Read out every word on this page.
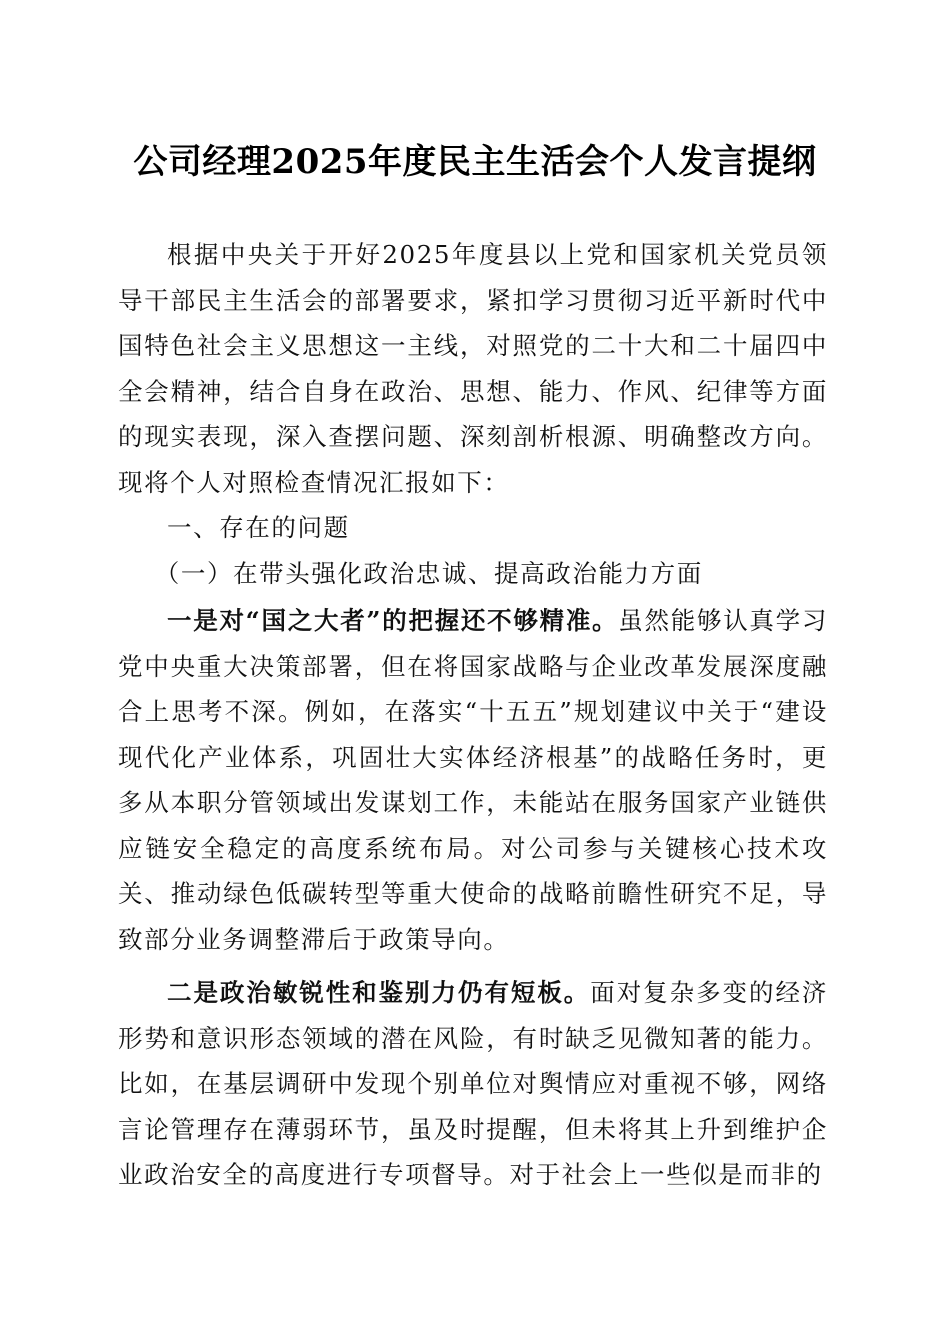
公司经理2025年度民主生活会个人发言提纲

根据中央关于开好2025年度县以上党和国家机关党员领导干部民主生活会的部署要求，紧扣学习贯彻习近平新时代中国特色社会主义思想这一主线，对照党的二十大和二十届四中全会精神，结合自身在政治、思想、能力、作风、纪律等方面的现实表现，深入查摆问题、深刻剖析根源、明确整改方向。现将个人对照检查情况汇报如下：

一、存在的问题

（一）在带头强化政治忠诚、提高政治能力方面

一是对“国之大者”的把握还不够精准。虽然能够认真学习党中央重大决策部署，但在将国家战略与企业改革发展深度融合上思考不深。例如，在落实“十五五”规划建议中关于“建设现代化产业体系，巩固壮大实体经济根基”的战略任务时，更多从本职分管领域出发谋划工作，未能站在服务国家产业链供应链安全稳定的高度系统布局。对公司参与关键核心技术攻关、推动绿色低碳转型等重大使命的战略前瞻性研究不足，导致部分业务调整滞后于政策导向。

二是政治敏锐性和鉴别力仍有短板。面对复杂多变的经济形势和意识形态领域的潜在风险，有时缺乏见微知著的能力。比如，在基层调研中发现个别单位对舆情应对重视不够，网络言论管理存在薄弱环节，虽及时提醒，但未将其上升到维护企业政治安全的高度进行专项督导。对于社会上一些似是而非的
